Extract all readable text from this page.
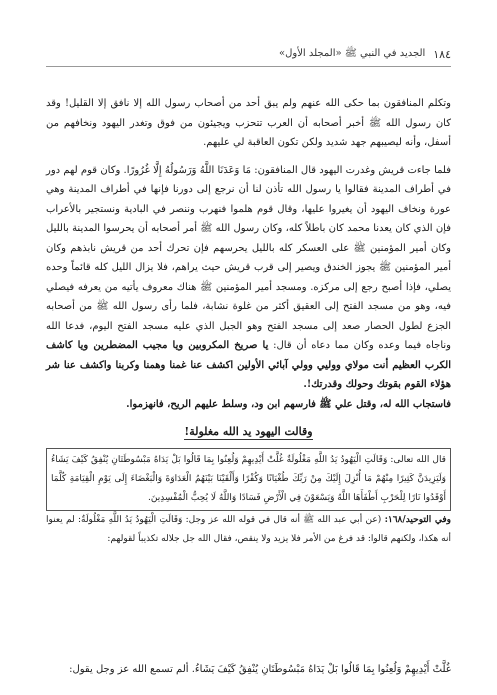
١٨٤
الجديد في النبي ﷺ «المجلد الأول»

وتكلم المنافقون بما حكى الله عنهم ولم يبق أحد من أصحاب رسول الله إلا نافق إلا القليل! وقد كان رسول الله ﷺ أخبر أصحابه أن العرب تتحزب ويجيئون من فوق وتغدر اليهود ونخافهم من أسفل، وأنه ليصيبهم جهد شديد ولكن تكون العاقبة لي عليهم.

فلما جاءت قريش وغدرت اليهود قال المنافقون: مَا وَعَدَنَا اللَّهُ وَرَسُولُهُ إِلَّا غُرُورًا. وكان قوم لهم دور في أطراف المدينة فقالوا يا رسول الله تأذن لنا أن نرجع إلى دورنا فإنها في أطراف المدينة وهي عورة ونخاف اليهود أن يغيروا عليها، وقال قوم هلموا فنهرب وننصر في البادية ونستجير بالأعراب فإن الذي كان يعدنا محمد كان باطلاً كله، وكان رسول الله ﷺ أمر أصحابه أن يحرسوا المدينة بالليل وكان أمير المؤمنين ﷺ على العسكر كله بالليل يحرسهم فإن تحرك أحد من قريش نابذهم وكان أمير المؤمنين ﷺ يجوز الخندق ويصير إلى قرب قريش حيث يراهم، فلا يزال الليل كله قائماً وحده يصلي، فإذا أصبح رجع إلى مركزه. ومسجد أمير المؤمنين ﷺ هناك معروف يأتيه من يعرفه فيصلي فيه، وهو من مسجد الفتح إلى العقيق أكثر من غلوة نشابة، فلما رأى رسول الله ﷺ من أصحابه الجزع لطول الحصار صعد إلى مسجد الفتح وهو الجبل الذي عليه مسجد الفتح اليوم، فدعا الله وناجاه فيما وعده وكان مما دعاه أن قال: يا صريخ المكروبين ويا مجيب المضطرين ويا كاشف الكرب العظيم أنت مولاي ووليي وولي آبائي الأولين اكشف عنا غمنا وهمنا وكربنا واكشف عنا شر هؤلاء القوم بقوتك وحولك وقدرتك!.

فاستجاب الله له، وقتل علي ﷺ فارسهم ابن ود، وسلط عليهم الريح، فانهزموا.

وقالت اليهود يد الله مغلولة!
قال الله تعالى: وَقَالَتِ الْيَهُودُ يَدُ اللَّهِ مَغْلُولَةٌ غُلَّتْ أَيْدِيهِمْ وَلُعِنُوا بِمَا قَالُوا بَلْ يَدَاهُ مَبْسُوطَتَانِ يُنْفِقُ كَيْفَ يَشَاءُ وَلَيَزِيدَنَّ كَثِيرًا مِنْهُمْ مَا أُنْزِلَ إِلَيْكَ مِنْ رَبِّكَ طُغْيَانًا وَكُفْرًا وَأَلْقَيْنَا بَيْنَهُمُ الْعَدَاوَةَ وَالْبَغْضَاءَ إِلَى يَوْمِ الْقِيَامَةِ كُلَّمَا أَوْقَدُوا نَارًا لِلْحَرْبِ أَطْفَأَهَا اللَّهُ وَيَسْعَوْنَ فِي الْأَرْضِ فَسَادًا وَاللَّهُ لَا يُحِبُّ الْمُفْسِدِينَ.

وفي التوحيد/١٦٨: (عن أبي عبد الله ﷺ أنه قال في قوله الله عز وجل: وَقَالَتِ الْيَهُودُ يَدُ اللَّهِ مَغْلُولَةٌ: لم يعنوا أنه هكذا، ولكنهم قالوا: قد فرغ من الأمر فلا يزيد ولا ينقص، فقال الله جل جلاله تكذيباً لقولهم:

غُلَّتْ أَيْدِيهِمْ وَلُعِنُوا بِمَا قَالُوا بَلْ يَدَاهُ مَبْسُوطَتَانِ يُنْفِقُ كَيْفَ يَشَاءُ. ألم تسمع الله عز وجل يقول:
